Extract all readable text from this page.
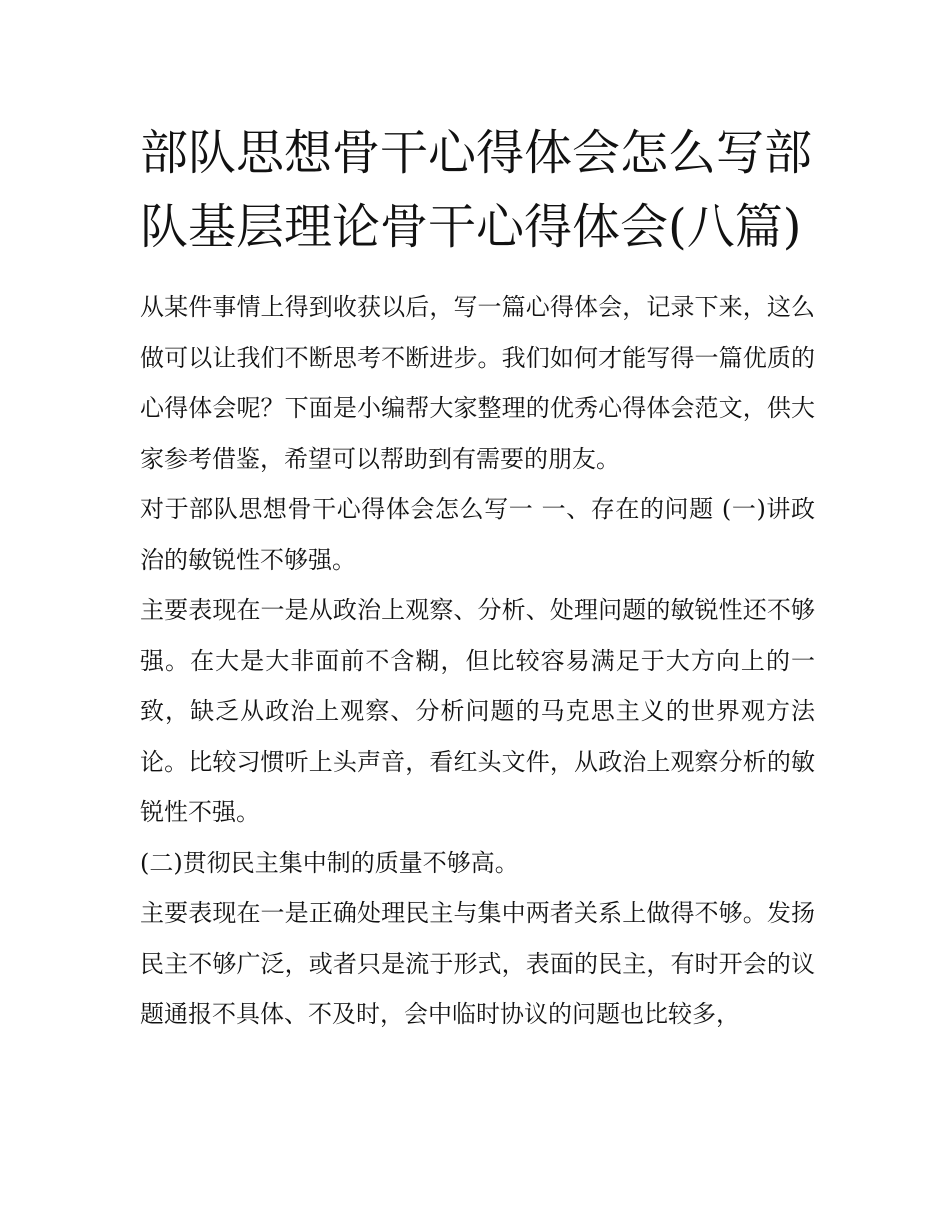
部队思想骨干心得体会怎么写部队基层理论骨干心得体会(八篇)

从某件事情上得到收获以后，写一篇心得体会，记录下来，这么做可以让我们不断思考不断进步。我们如何才能写得一篇优质的心得体会呢？下面是小编帮大家整理的优秀心得体会范文，供大家参考借鉴，希望可以帮助到有需要的朋友。

对于部队思想骨干心得体会怎么写一 一、存在的问题 (一)讲政治的敏锐性不够强。

主要表现在一是从政治上观察、分析、处理问题的敏锐性还不够强。在大是大非面前不含糊，但比较容易满足于大方向上的一致，缺乏从政治上观察、分析问题的马克思主义的世界观方法论。比较习惯听上头声音，看红头文件，从政治上观察分析的敏锐性不强。

(二)贯彻民主集中制的质量不够高。

主要表现在一是正确处理民主与集中两者关系上做得不够。发扬民主不够广泛，或者只是流于形式，表面的民主，有时开会的议题通报不具体、不及时，会中临时协议的问题也比较多，
